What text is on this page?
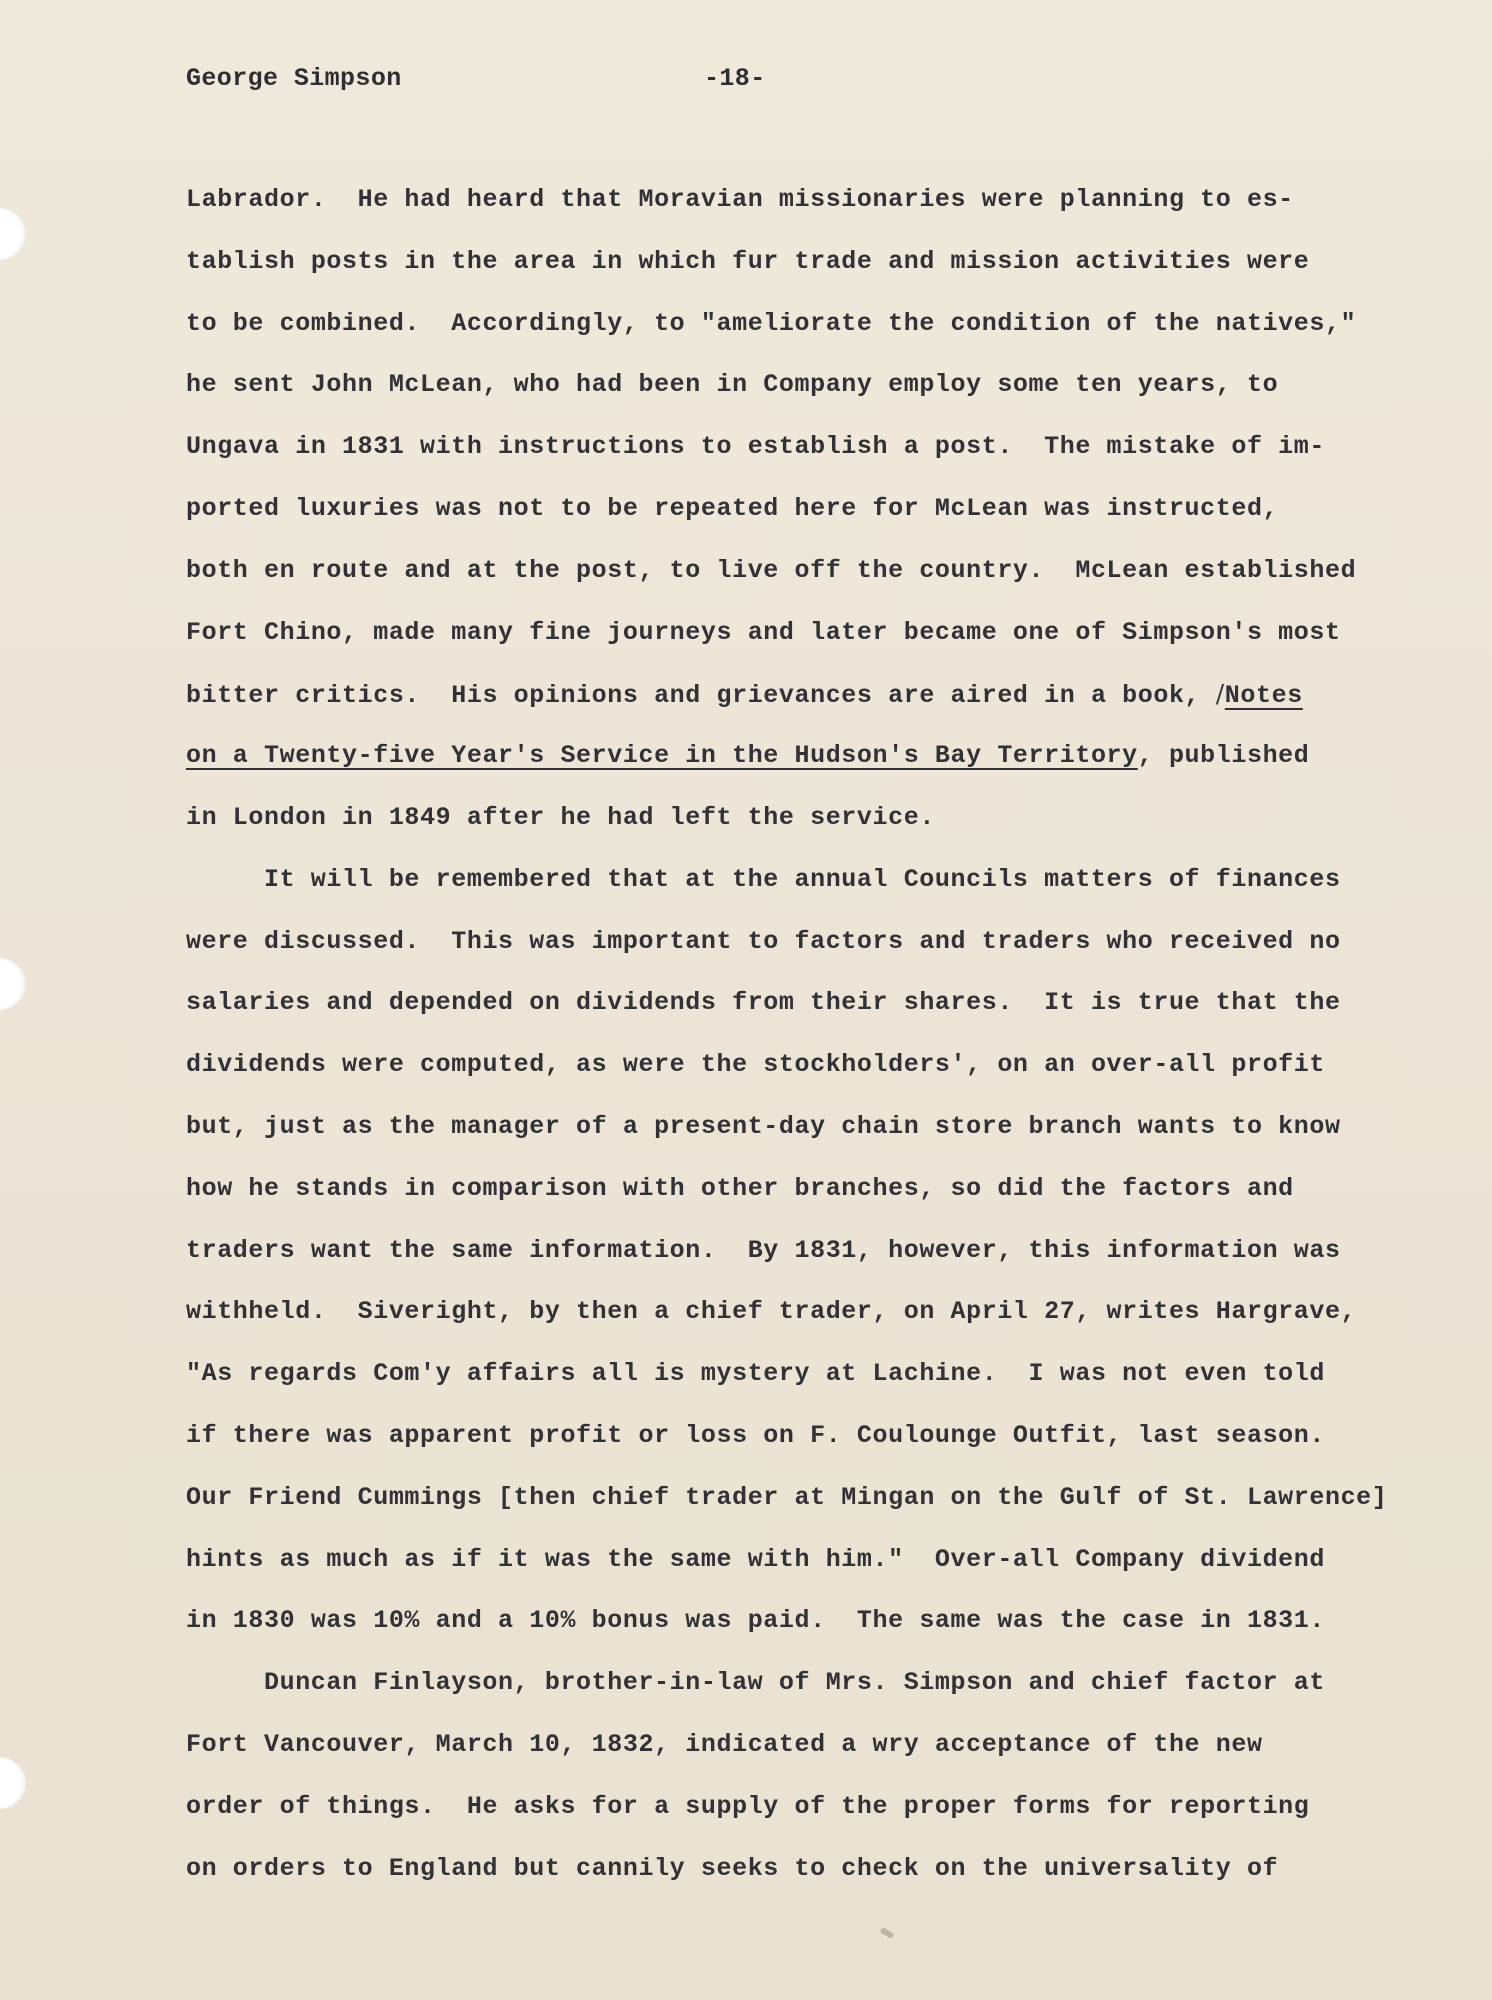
George Simpson	-18-
Labrador.  He had heard that Moravian missionaries were planning to es-
tablish posts in the area in which fur trade and mission activities were
to be combined.  Accordingly, to "ameliorate the condition of the natives,"
he sent John McLean, who had been in Company employ some ten years, to
Ungava in 1831 with instructions to establish a post.  The mistake of im-
ported luxuries was not to be repeated here for McLean was instructed,
both en route and at the post, to live off the country.  McLean established
Fort Chino, made many fine journeys and later became one of Simpson's most
bitter critics.  His opinions and grievances are aired in a book, /Notes
on a Twenty-five Year's Service in the Hudson's Bay Territory, published
in London in 1849 after he had left the service.
It will be remembered that at the annual Councils matters of finances
were discussed.  This was important to factors and traders who received no
salaries and depended on dividends from their shares.  It is true that the
dividends were computed, as were the stockholders', on an over-all profit
but, just as the manager of a present-day chain store branch wants to know
how he stands in comparison with other branches, so did the factors and
traders want the same information.  By 1831, however, this information was
withheld.  Siveright, by then a chief trader, on April 27, writes Hargrave,
"As regards Com'y affairs all is mystery at Lachine.  I was not even told
if there was apparent profit or loss on F. Coulounge Outfit, last season.
Our Friend Cummings [then chief trader at Mingan on the Gulf of St. Lawrence]
hints as much as if it was the same with him."  Over-all Company dividend
in 1830 was 10% and a 10% bonus was paid.  The same was the case in 1831.
Duncan Finlayson, brother-in-law of Mrs. Simpson and chief factor at
Fort Vancouver, March 10, 1832, indicated a wry acceptance of the new
order of things.  He asks for a supply of the proper forms for reporting
on orders to England but cannily seeks to check on the universality of
